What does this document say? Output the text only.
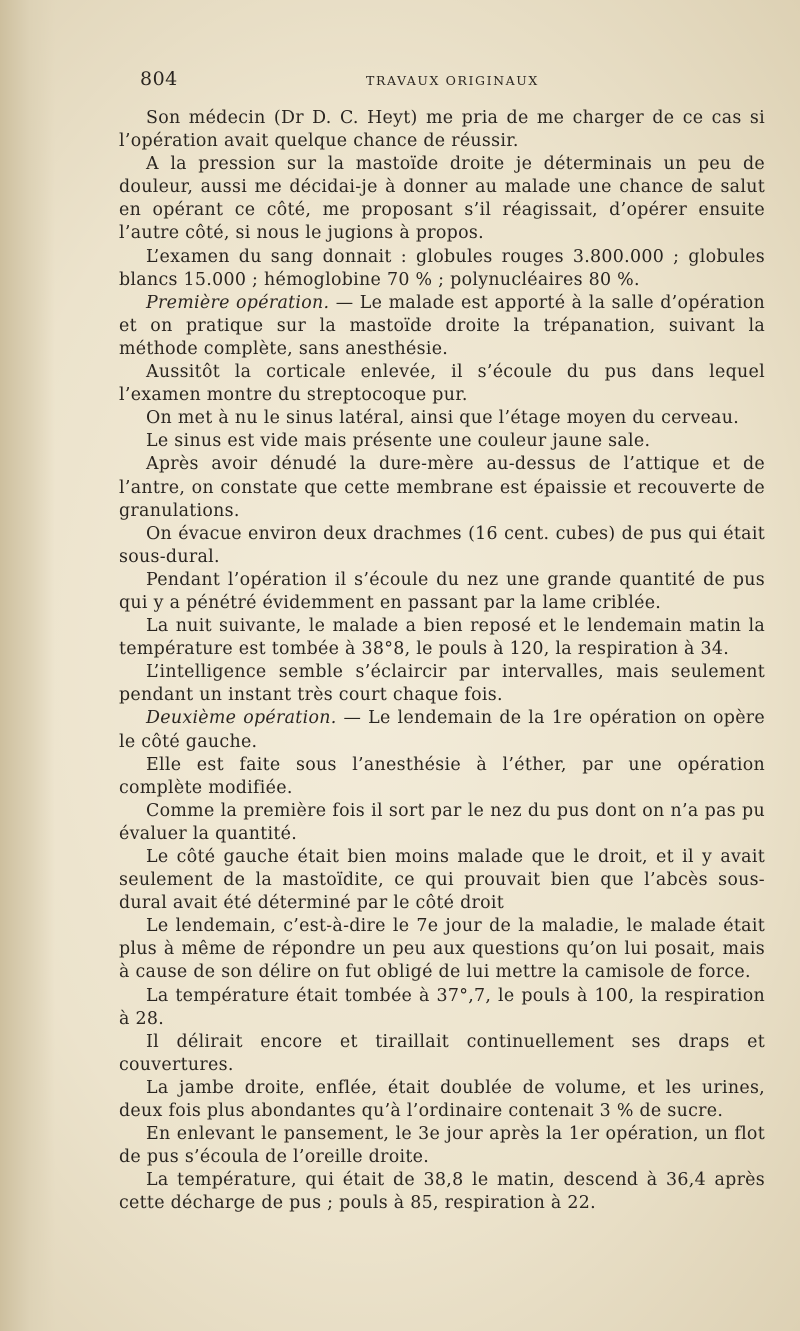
804	TRAVAUX ORIGINAUX

Son médecin (Dr D. C. Heyt) me pria de me charger de ce cas si l’opération avait quelque chance de réussir.

A la pression sur la mastoïde droite je déterminais un peu de douleur, aussi me décidai-je à donner au malade une chance de salut en opérant ce côté, me proposant s’il réagissait, d’opérer ensuite l’autre côté, si nous le jugions à propos.

L’examen du sang donnait : globules rouges 3.800.000 ; globules blancs 15.000 ; hémoglobine 70 % ; polynucléaires 80 %.

Première opération. — Le malade est apporté à la salle d’opération et on pratique sur la mastoïde droite la trépanation, suivant la méthode complète, sans anesthésie.

Aussitôt la corticale enlevée, il s’écoule du pus dans lequel l’examen montre du streptocoque pur.

On met à nu le sinus latéral, ainsi que l’étage moyen du cerveau.

Le sinus est vide mais présente une couleur jaune sale.

Après avoir dénudé la dure-mère au-dessus de l’attique et de l’antre, on constate que cette membrane est épaissie et recouverte de granulations.

On évacue environ deux drachmes (16 cent. cubes) de pus qui était sous-dural.

Pendant l’opération il s’écoule du nez une grande quantité de pus qui y a pénétré évidemment en passant par la lame criblée.

La nuit suivante, le malade a bien reposé et le lendemain matin la température est tombée à 38°8, le pouls à 120, la respiration à 34.

L’intelligence semble s’éclaircir par intervalles, mais seulement pendant un instant très court chaque fois.

Deuxième opération. — Le lendemain de la 1re opération on opère le côté gauche.

Elle est faite sous l’anesthésie à l’éther, par une opération complète modifiée.

Comme la première fois il sort par le nez du pus dont on n’a pas pu évaluer la quantité.

Le côté gauche était bien moins malade que le droit, et il y avait seulement de la mastoïdite, ce qui prouvait bien que l’abcès sous-dural avait été déterminé par le côté droit

Le lendemain, c’est-à-dire le 7e jour de la maladie, le malade était plus à même de répondre un peu aux questions qu’on lui posait, mais à cause de son délire on fut obligé de lui mettre la camisole de force.

La température était tombée à 37°,7, le pouls à 100, la respiration à 28.

Il délirait encore et tiraillait continuellement ses draps et couvertures.

La jambe droite, enflée, était doublée de volume, et les urines, deux fois plus abondantes qu’à l’ordinaire contenait 3 % de sucre.

En enlevant le pansement, le 3e jour après la 1er opération, un flot de pus s’écoula de l’oreille droite.

La température, qui était de 38,8 le matin, descend à 36,4 après cette décharge de pus ; pouls à 85, respiration à 22.
